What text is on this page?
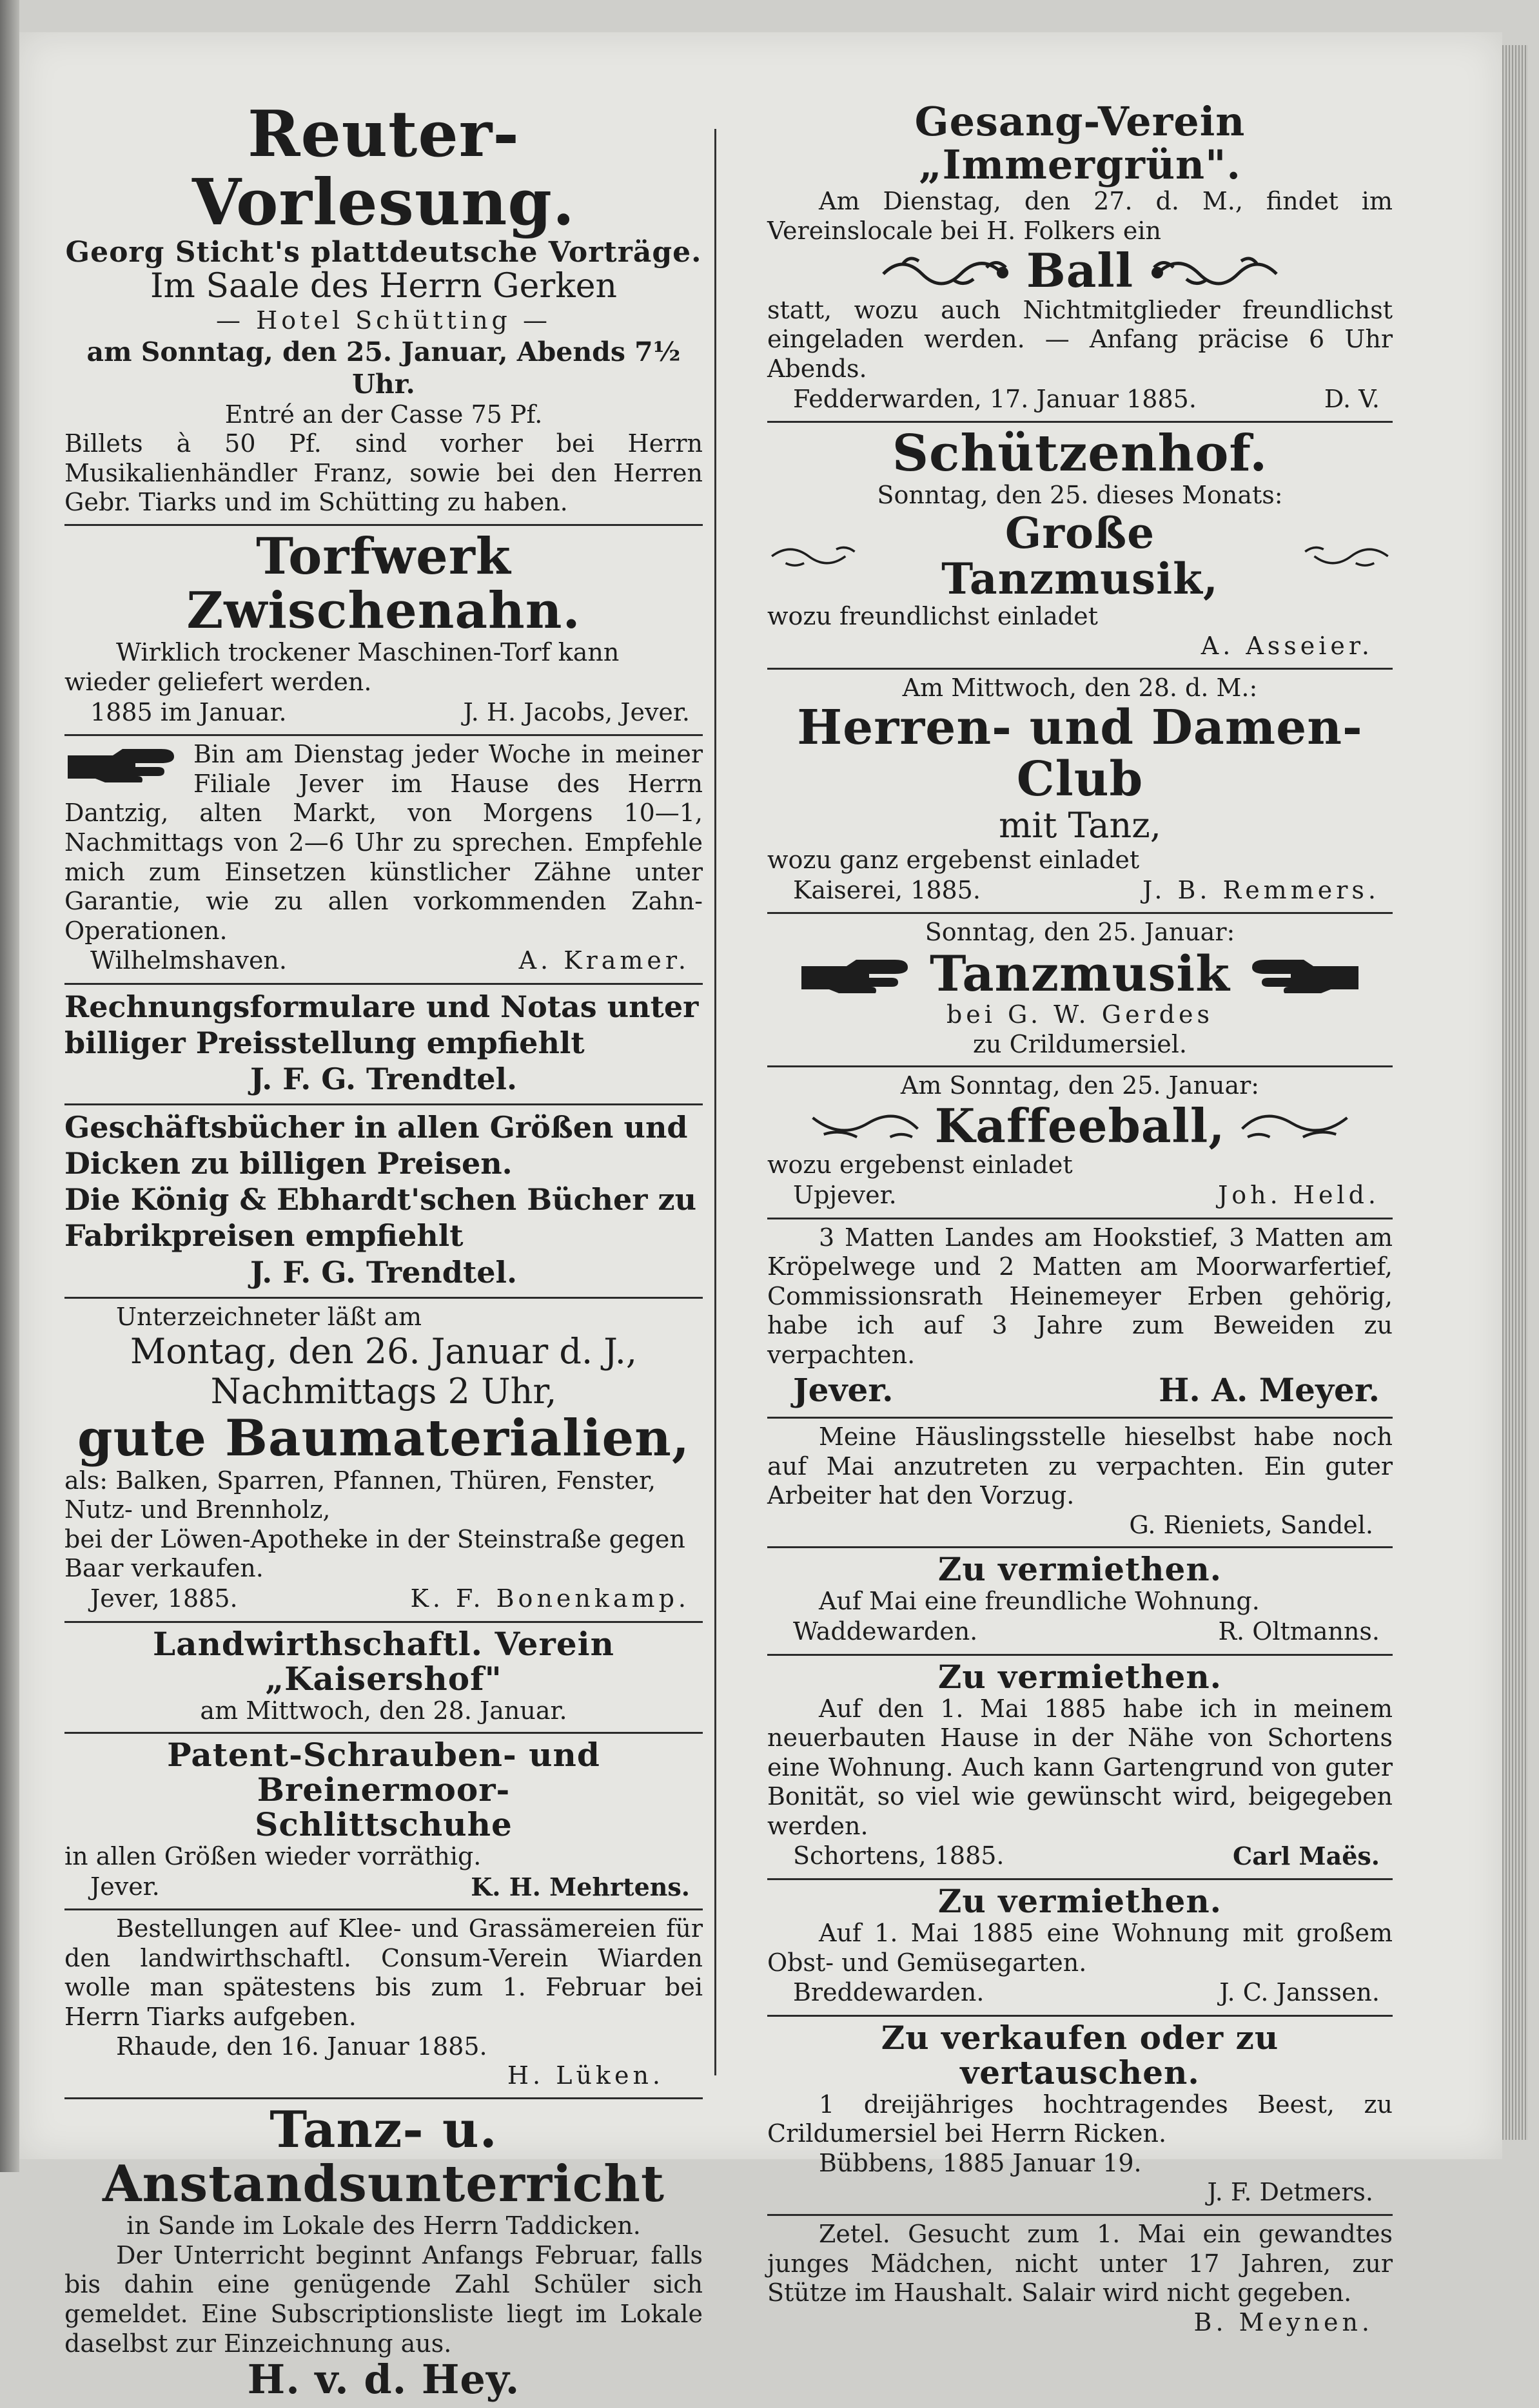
Reuter-Vorlesung.
Georg Sticht's plattdeutsche Vorträge.
Im Saale des Herrn Gerken
— Hotel Schütting —
am Sonntag, den 25. Januar, Abends 7½ Uhr.
Entré an der Casse 75 Pf.
Billets à 50 Pf. sind vorher bei Herrn Musikalienhändler Franz, sowie bei den Herren Gebr. Tiarks und im Schütting zu haben.
Torfwerk Zwischenahn.
Wirklich trockener Maschinen-Torf kann wieder geliefert werden.
1885 im Januar.	J. H. Jacobs, Jever.
Bin am Dienstag jeder Woche in meiner Filiale Jever im Hause des Herrn Dantzig, alten Markt, von Morgens 10—1, Nachmittags von 2—6 Uhr zu sprechen. Empfehle mich zum Einsetzen künstlicher Zähne unter Garantie, wie zu allen vorkommenden Zahn-Operationen.
Wilhelmshaven.	A. Kramer.
Rechnungsformulare und Notas unter billiger Preisstellung empfiehlt
J. F. G. Trendtel.
Geschäftsbücher in allen Größen und Dicken zu billigen Preisen.
Die König & Ebhardt'schen Bücher zu Fabrikpreisen empfiehlt
J. F. G. Trendtel.
Unterzeichneter läßt am
Montag, den 26. Januar d. J.,
Nachmittags 2 Uhr,
gute Baumaterialien,
als: Balken, Sparren, Pfannen, Thüren, Fenster, Nutz- und Brennholz,
bei der Löwen-Apotheke in der Steinstraße gegen Baar verkaufen.
Jever, 1885.	K. F. Bonenkamp.
Landwirthschaftl. Verein „Kaisershof"
am Mittwoch, den 28. Januar.
Patent-Schrauben- und Breinermoor-
Schlittschuhe
in allen Größen wieder vorräthig.
Jever.	K. H. Mehrtens.
Bestellungen auf Klee- und Grassämereien für den landwirthschaftl. Consum-Verein Wiarden wolle man spätestens bis zum 1. Februar bei Herrn Tiarks aufgeben.
Rhaude, den 16. Januar 1885.
H. Lüken.
Tanz- u. Anstandsunterricht
in Sande im Lokale des Herrn Taddicken.
Der Unterricht beginnt Anfangs Februar, falls bis dahin eine genügende Zahl Schüler sich gemeldet. Eine Subscriptionsliste liegt im Lokale daselbst zur Einzeichnung aus.
H. v. d. Hey.
Gesang-Verein „Immergrün".
Am Dienstag, den 27. d. M., findet im Vereinslocale bei H. Folkers ein
Ball
statt, wozu auch Nichtmitglieder freundlichst eingeladen werden. — Anfang präcise 6 Uhr Abends.
Fedderwarden, 17. Januar 1885.	D. V.
Schützenhof.
Sonntag, den 25. dieses Monats:
Große Tanzmusik,
wozu freundlichst einladet
A. Asseier.
Am Mittwoch, den 28. d. M.:
Herren- und Damen-Club
mit Tanz,
wozu ganz ergebenst einladet
Kaiserei, 1885.	J. B. Remmers.
Sonntag, den 25. Januar:
Tanzmusik
bei G. W. Gerdes
zu Crildumersiel.
Am Sonntag, den 25. Januar:
Kaffeeball,
wozu ergebenst einladet
Upjever.	Joh. Held.
3 Matten Landes am Hookstief, 3 Matten am Kröpelwege und 2 Matten am Moorwarfertief, Commissionsrath Heinemeyer Erben gehörig, habe ich auf 3 Jahre zum Beweiden zu verpachten.
Jever.	H. A. Meyer.
Meine Häuslingsstelle hieselbst habe noch auf Mai anzutreten zu verpachten. Ein guter Arbeiter hat den Vorzug.
G. Rieniets, Sandel.
Zu vermiethen.
Auf Mai eine freundliche Wohnung.
Waddewarden.	R. Oltmanns.
Zu vermiethen.
Auf den 1. Mai 1885 habe ich in meinem neuerbauten Hause in der Nähe von Schortens eine Wohnung. Auch kann Gartengrund von guter Bonität, so viel wie gewünscht wird, beigegeben werden.
Schortens, 1885.	Carl Maës.
Zu vermiethen.
Auf 1. Mai 1885 eine Wohnung mit großem Obst- und Gemüsegarten.
Breddewarden.	J. C. Janssen.
Zu verkaufen oder zu vertauschen.
1 dreijähriges hochtragendes Beest, zu Crildumersiel bei Herrn Ricken.
Bübbens, 1885 Januar 19.
J. F. Detmers.
Zetel. Gesucht zum 1. Mai ein gewandtes junges Mädchen, nicht unter 17 Jahren, zur Stütze im Haushalt. Salair wird nicht gegeben.
B. Meynen.
